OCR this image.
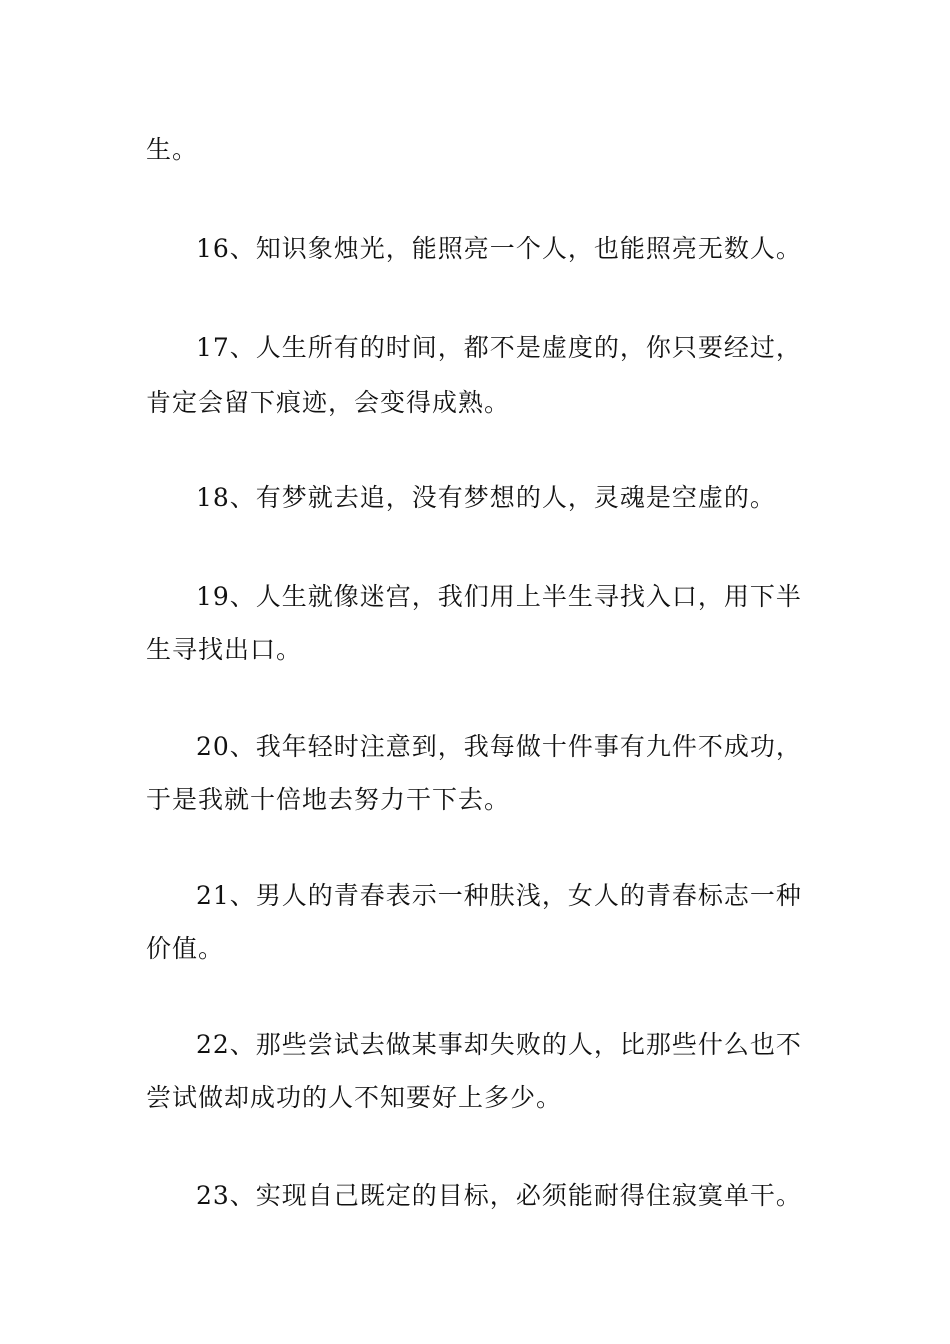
生。
16、知识象烛光，能照亮一个人，也能照亮无数人。
17、人生所有的时间，都不是虚度的，你只要经过，
肯定会留下痕迹，会变得成熟。
18、有梦就去追，没有梦想的人，灵魂是空虚的。
19、人生就像迷宫，我们用上半生寻找入口，用下半
生寻找出口。
20、我年轻时注意到，我每做十件事有九件不成功，
于是我就十倍地去努力干下去。
21、男人的青春表示一种肤浅，女人的青春标志一种
价值。
22、那些尝试去做某事却失败的人，比那些什么也不
尝试做却成功的人不知要好上多少。
23、实现自己既定的目标，必须能耐得住寂寞单干。
